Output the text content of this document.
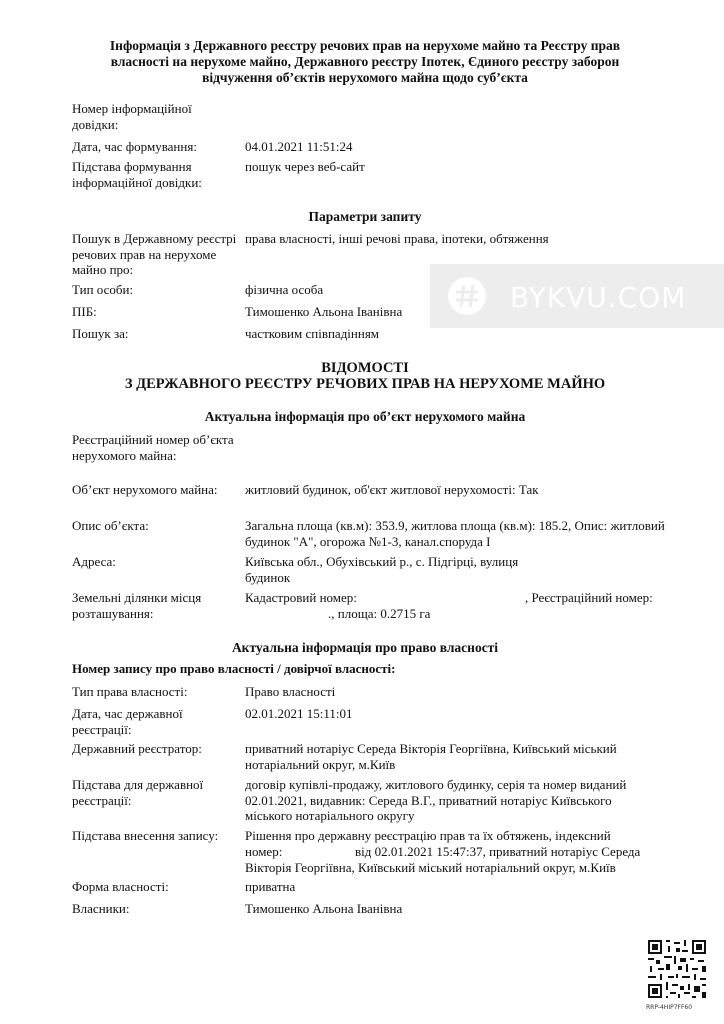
Інформація з Державного реєстру речових прав на нерухоме майно та Реєстру прав
власності на нерухоме майно, Державного реєстру Іпотек, Єдиного реєстру заборон
відчуження об’єктів нерухомого майна щодо суб’єкта
Номер інформаційної довідки:
Дата, час формування:	04.01.2021 11:51:24
Підстава формування інформаційної довідки:
пошук через веб-сайт
Параметри запиту
Пошук в Державному реєстрі речових прав на нерухоме майно про:
права власності, інші речові права, іпотеки, обтяження
Тип особи:	фізична особа
ПІБ:	Тимошенко Альона Іванівна
Пошук за:	частковим співпадінням
BYKVU.COM
ВІДОМОСТІ
З ДЕРЖАВНОГО РЕЄСТРУ РЕЧОВИХ ПРАВ НА НЕРУХОМЕ МАЙНО
Актуальна інформація про об’єкт нерухомого майна
Реєстраційний номер об’єкта нерухомого майна:
Об’єкт нерухомого майна:	житловий будинок, об'єкт житлової нерухомості: Так
Опис об’єкта:	Загальна площа (кв.м): 353.9, житлова площа (кв.м): 185.2, Опис: житловий будинок "А", огорожа №1-3, канал.споруда І
Адреса:	Київська обл., Обухівський р., с. Підгірці, вулиця будинок
Земельні ділянки місця розташування:
Кадастровий номер:	, Реєстраційний номер:
., площа: 0.2715 га
Актуальна інформація про право власності
Номер запису про право власності / довірчої власності:
Тип права власності:	Право власності
Дата, час державної реєстрації:
02.01.2021 15:11:01
Державний реєстратор:	приватний нотаріус Середа Вікторія Георгіївна, Київський міський нотаріальний округ, м.Київ
Підстава для державної реєстрації:
договір купівлі-продажу, житлового будинку, серія та номер виданий 02.01.2021, видавник: Середа В.Г., приватний нотаріус Київського міського нотаріального округу
Підстава внесення запису:	Рішення про державну реєстрацію прав та їх обтяжень, індексний
номер:	від 02.01.2021 15:47:37, приватний нотаріус Середа
Вікторія Георгіївна, Київський міський нотаріальний округ, м.Київ
Форма власності:	приватна
Власники:	Тимошенко Альона Іванівна
RRP-4HIP7FF60
